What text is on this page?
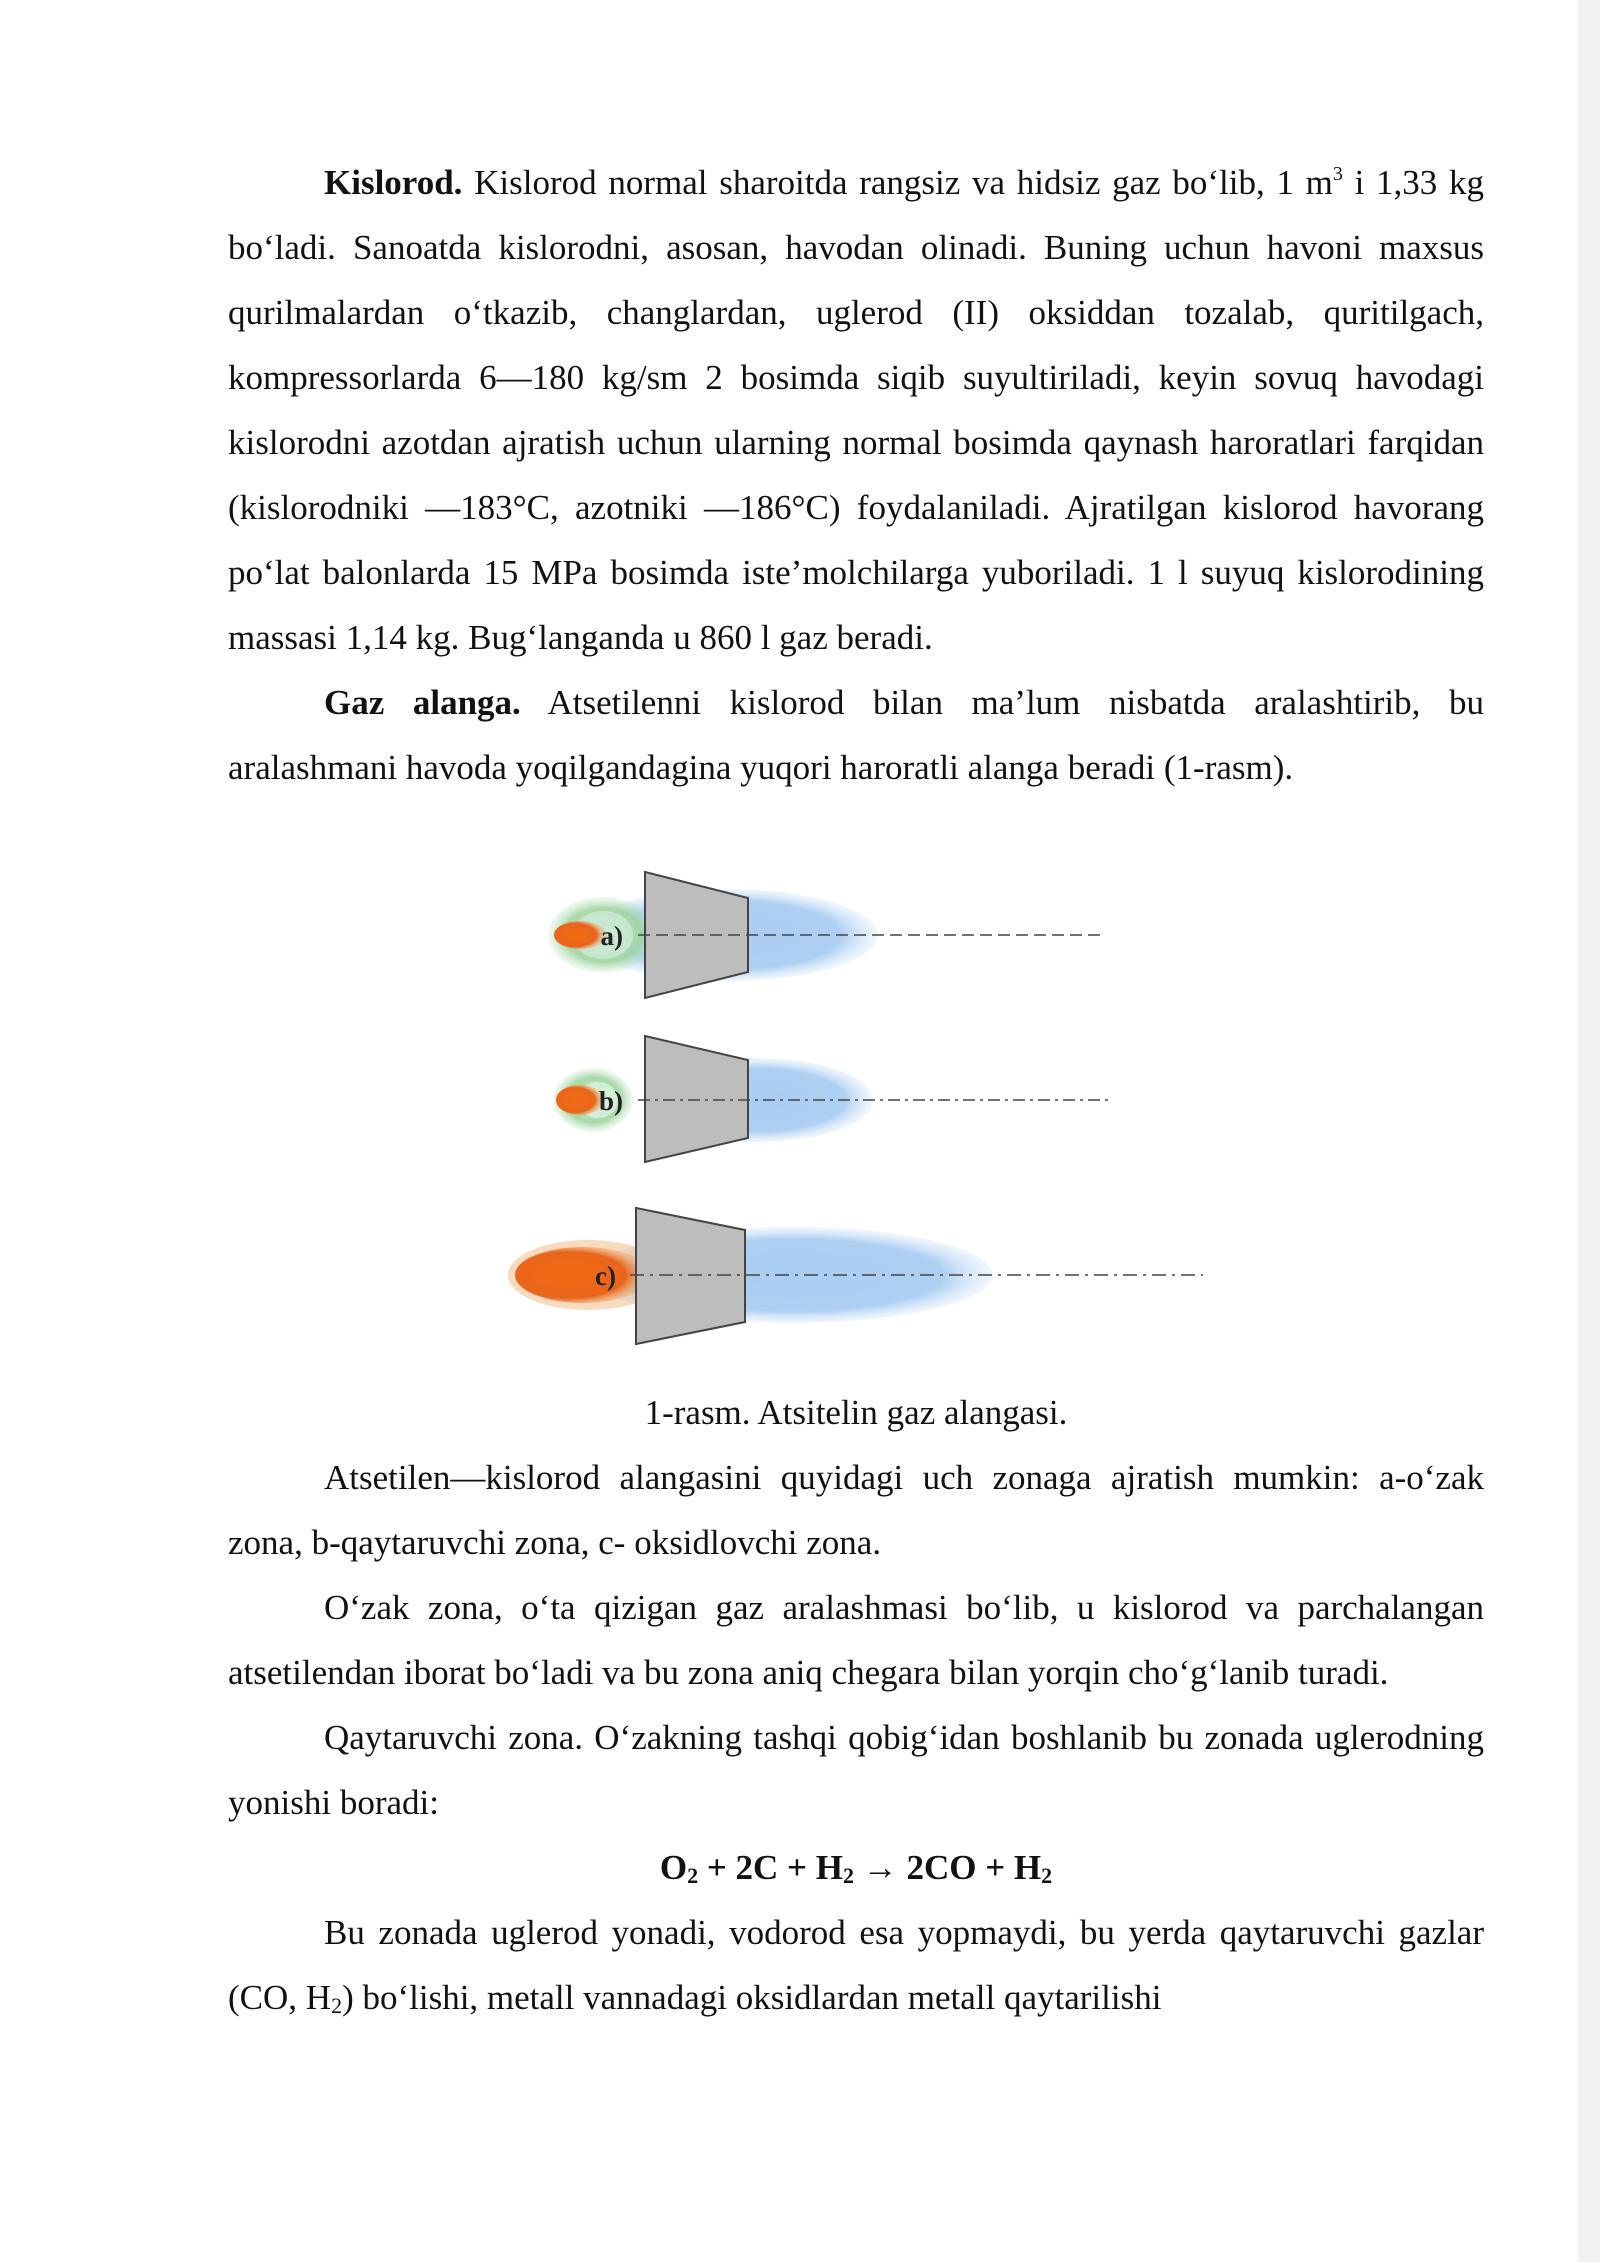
Kislorod. Kislorod normal sharoitda rangsiz va hidsiz gaz bo‘lib, 1 $m^3$ i 1,33 kg bo‘ladi. Sanoatda kislorodni, asosan, havodan olinadi. Buning uchun havoni maxsus qurilmalardan o‘tkazib, changlardan, uglerod (II) oksiddan tozalab, quritilgach, kompressorlarda 6—180 kg/sm 2 bosimda siqib suyultiriladi, keyin sovuq havodagi kislorodni azotdan ajratish uchun ularning normal bosimda qaynash haroratlari farqidan (kislorodniki —183°C, azotniki —186°C) foydalaniladi. Ajratilgan kislorod havorang po‘lat balonlarda 15 MPa bosimda iste’molchilarga yuboriladi. 1 l suyuq kislorodining massasi 1,14 kg. Bug‘langanda u 860 l gaz beradi.

Gaz alanga. Atsetilenni kislorod bilan ma’lum nisbatda aralashtirib, bu aralashmani havoda yoqilgandagina yuqori haroratli alanga beradi (1-rasm).

a)
b)
c)

1-rasm. Atsitelin gaz alangasi.

Atsetilen—kislorod alangasini quyidagi uch zonaga ajratish mumkin: a-o‘zak zona, b-qaytaruvchi zona, c- oksidlovchi zona.

O‘zak zona, o‘ta qizigan gaz aralashmasi bo‘lib, u kislorod va parchalangan atsetilendan iborat bo‘ladi va bu zona aniq chegara bilan yorqin cho‘g‘lanib turadi.

Qaytaruvchi zona. O‘zakning tashqi qobig‘idan boshlanib bu zonada uglerodning yonishi boradi:

$O_2 + 2C + H_2 \to 2CO + H_2$

Bu zonada uglerod yonadi, vodorod esa yopmaydi, bu yerda qaytaruvchi gazlar (CO, $H_2$) bo‘lishi, metall vannadagi oksidlardan metall qaytarilishi
